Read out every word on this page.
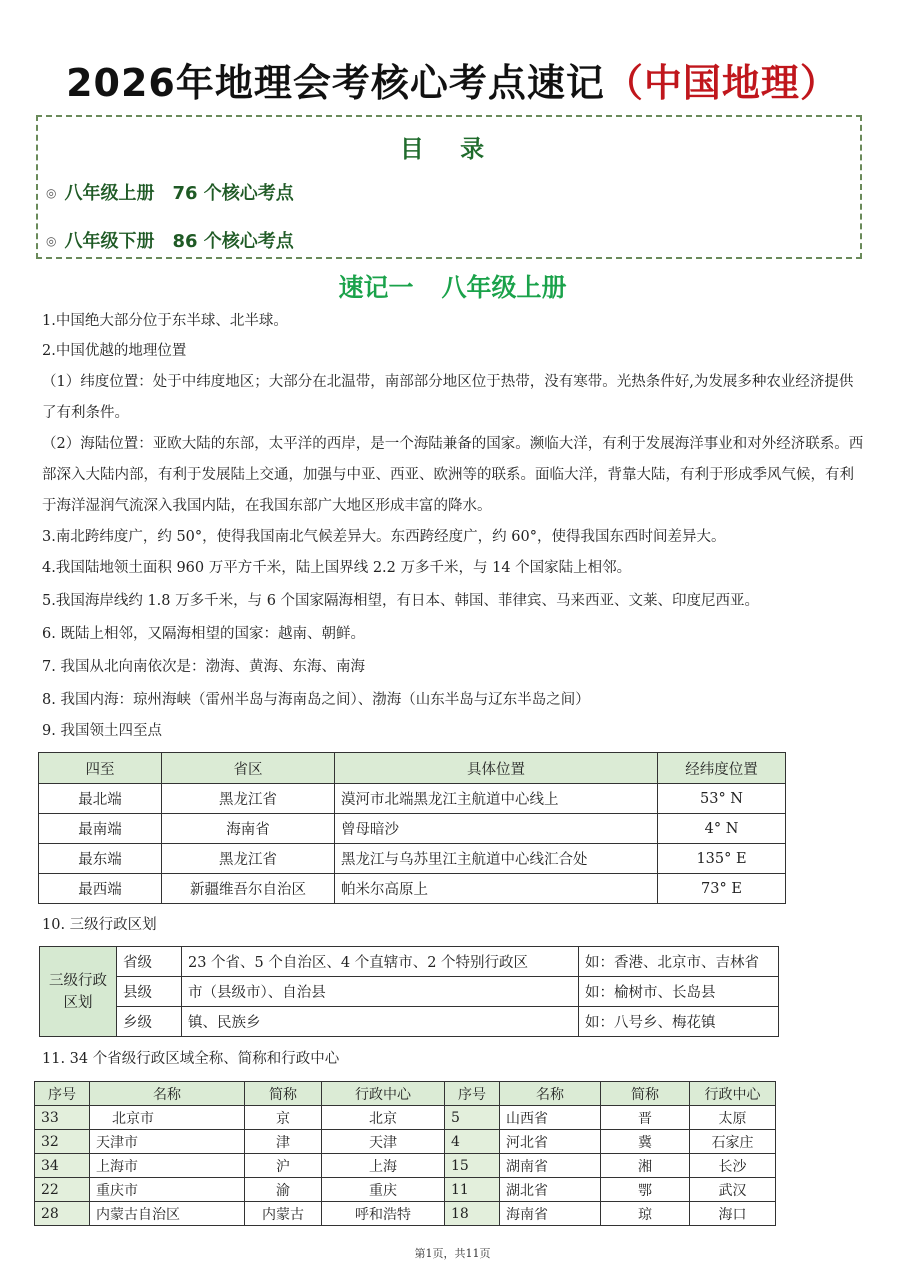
2026年地理会考核心考点速记（中国地理）
目 录
◎ 八年级上册 76 个核心考点
◎ 八年级下册 86 个核心考点
速记一 八年级上册
1.中国绝大部分位于东半球、北半球。
2.中国优越的地理位置
（1）纬度位置：处于中纬度地区；大部分在北温带，南部部分地区位于热带，没有寒带。光热条件好,为发展多种农业经济提供了有利条件。
（2）海陆位置：亚欧大陆的东部，太平洋的西岸，是一个海陆兼备的国家。濒临大洋，有利于发展海洋事业和对外经济联系。西部深入大陆内部，有利于发展陆上交通，加强与中亚、西亚、欧洲等的联系。面临大洋，背靠大陆，有利于形成季风气候，有利于海洋湿润气流深入我国内陆，在我国东部广大地区形成丰富的降水。
3.南北跨纬度广，约 50°，使得我国南北气候差异大。东西跨经度广，约 60°，使得我国东西时间差异大。
4.我国陆地领土面积 960 万平方千米，陆上国界线 2.2 万多千米，与 14 个国家陆上相邻。
5.我国海岸线约 1.8 万多千米，与 6 个国家隔海相望，有日本、韩国、菲律宾、马来西亚、文莱、印度尼西亚。
6. 既陆上相邻，又隔海相望的国家：越南、朝鲜。
7. 我国从北向南依次是：渤海、黄海、东海、南海
8. 我国内海：琼州海峡（雷州半岛与海南岛之间）、渤海（山东半岛与辽东半岛之间）
9. 我国领土四至点
四至	省区	具体位置	经纬度位置
最北端	黑龙江省	漠河市北端黑龙江主航道中心线上	53° N
最南端	海南省	曾母暗沙	4° N
最东端	黑龙江省	黑龙江与乌苏里江主航道中心线汇合处	135° E
最西端	新疆维吾尔自治区	帕米尔高原上	73° E
10. 三级行政区划
三级行政区划	省级	23 个省、5 个自治区、4 个直辖市、2 个特别行政区	如：香港、北京市、吉林省
	县级	市（县级市）、自治县	如：榆树市、长岛县
	乡级	镇、民族乡	如：八号乡、梅花镇
11. 34 个省级行政区域全称、简称和行政中心
序号	名称	简称	行政中心	序号	名称	简称	行政中心
33	北京市	京	北京	5	山西省	晋	太原
32	天津市	津	天津	4	河北省	冀	石家庄
34	上海市	沪	上海	15	湖南省	湘	长沙
22	重庆市	渝	重庆	11	湖北省	鄂	武汉
28	内蒙古自治区	内蒙古	呼和浩特	18	海南省	琼	海口
第1页，共11页
